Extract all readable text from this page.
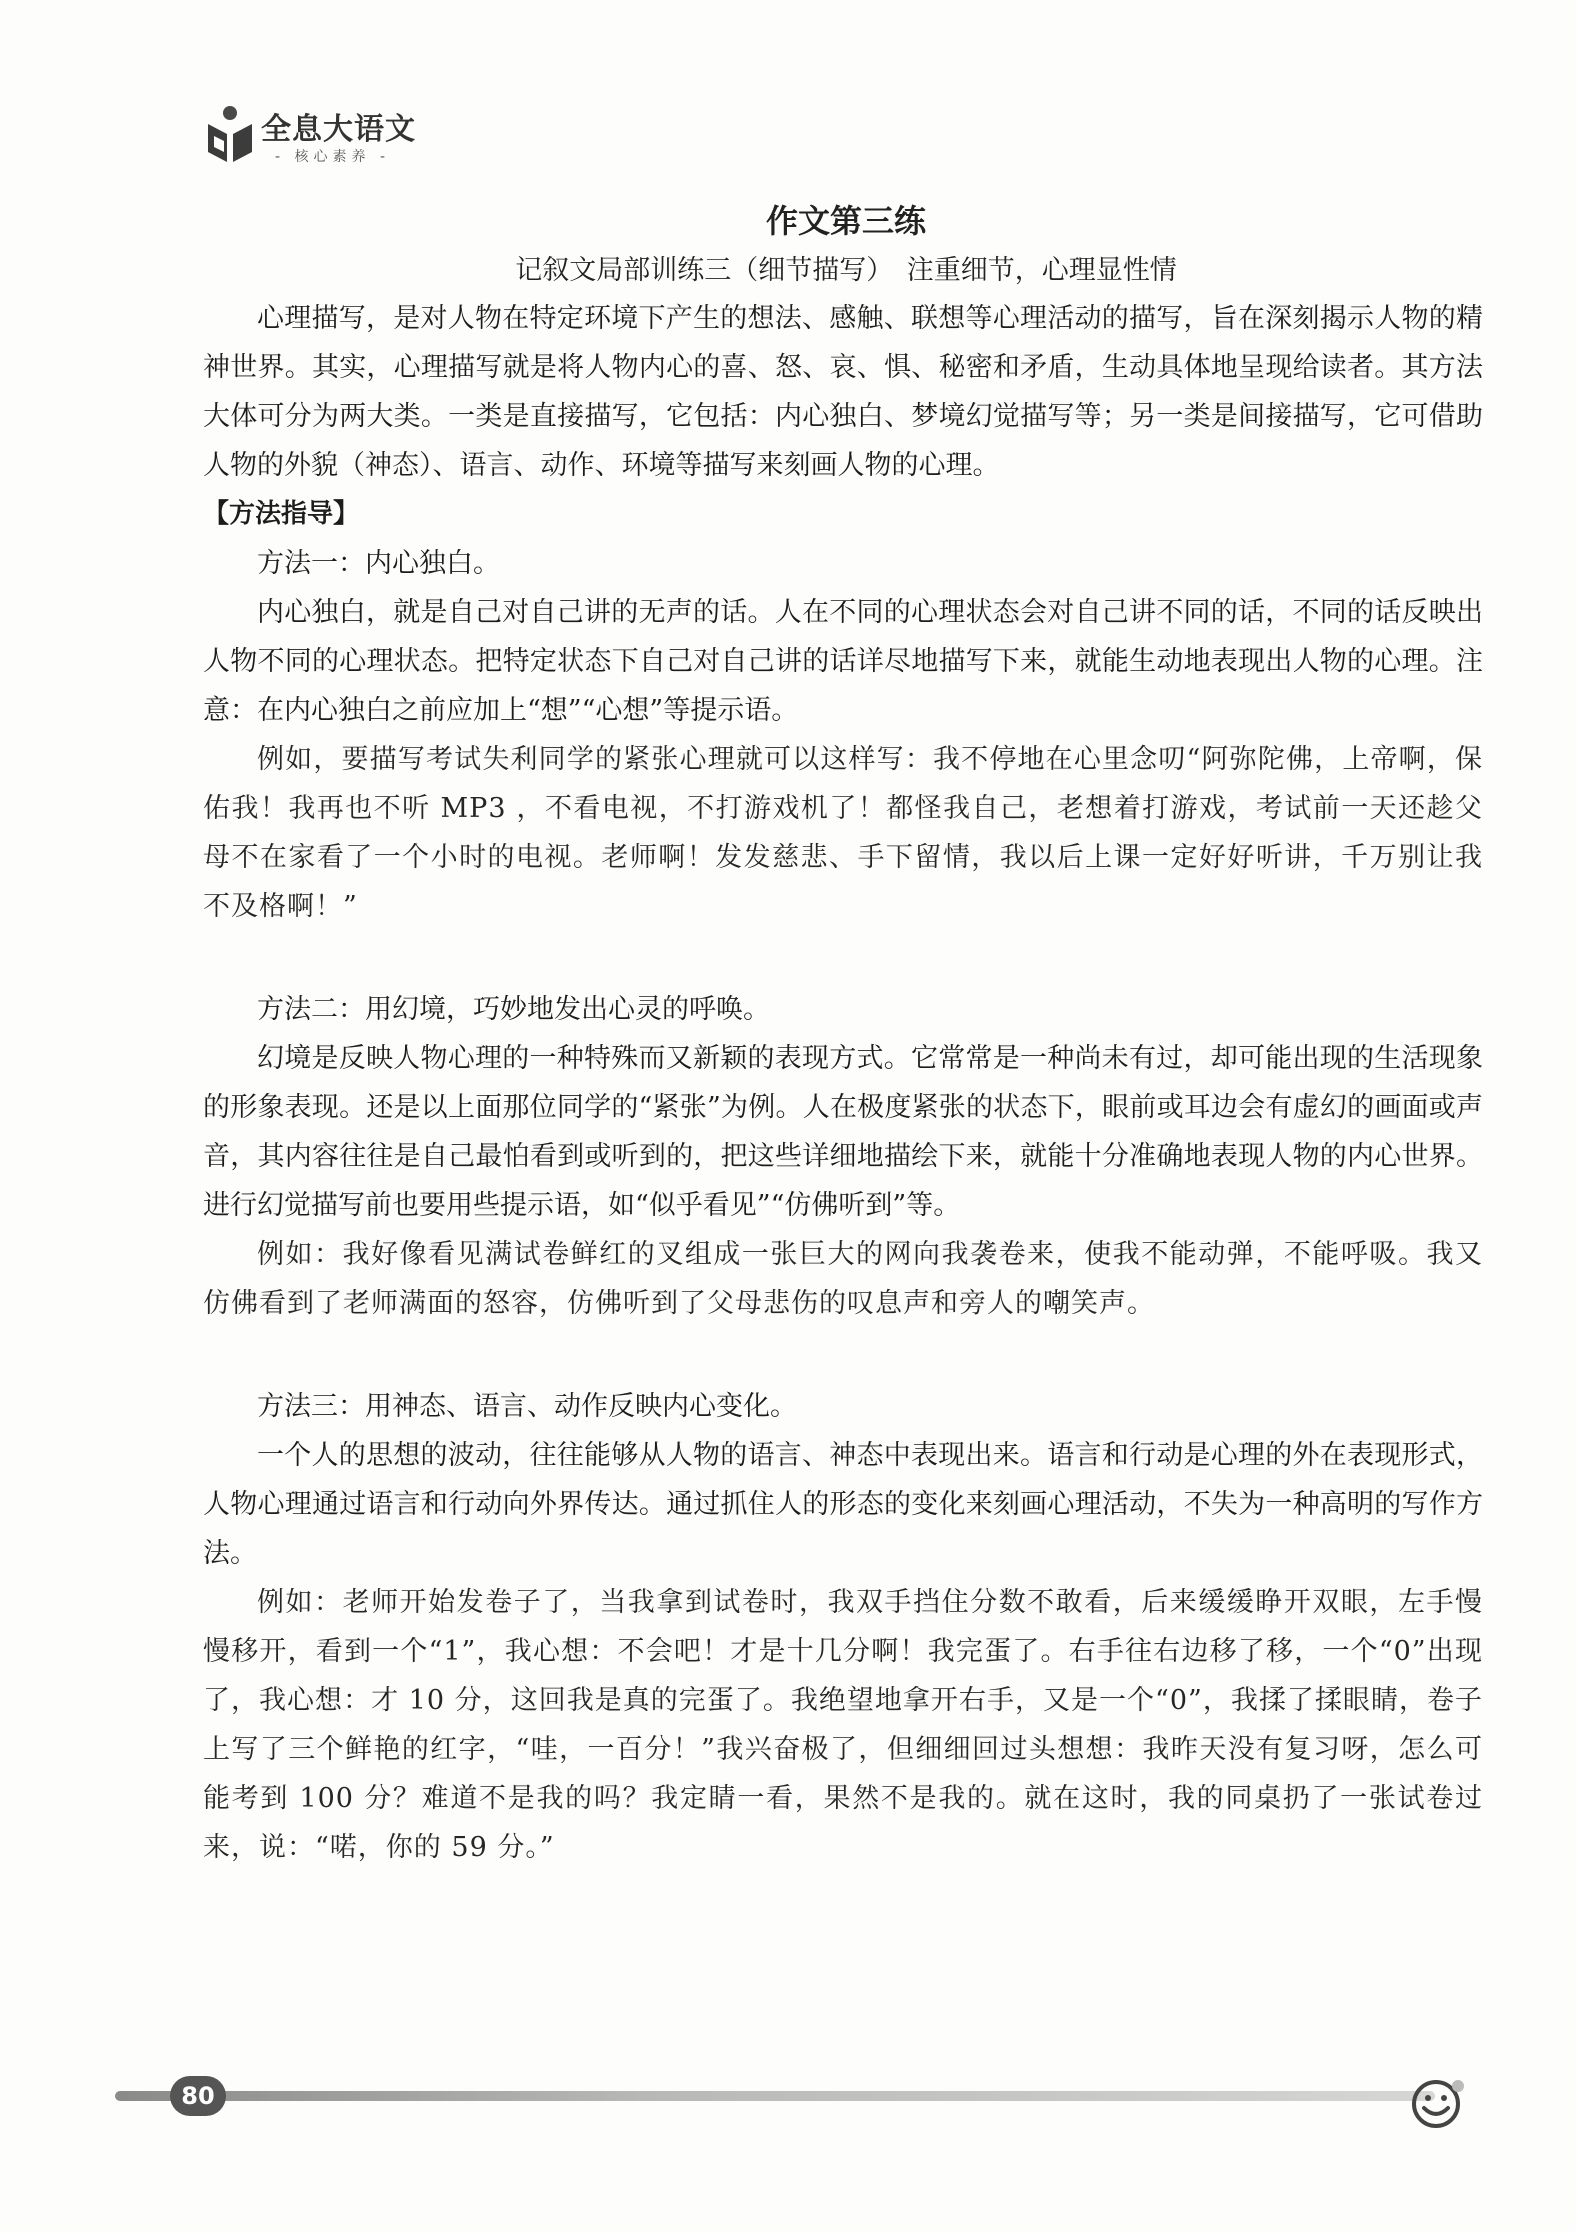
全息大语文
- 核心素养 -
作文第三练

记叙文局部训练三（细节描写）　注重细节，心理显性情

心理描写，是对人物在特定环境下产生的想法、感触、联想等心理活动的描写，旨在深刻揭示人物的精神世界。其实，心理描写就是将人物内心的喜、怒、哀、惧、秘密和矛盾，生动具体地呈现给读者。其方法大体可分为两大类。一类是直接描写，它包括：内心独白、梦境幻觉描写等；另一类是间接描写，它可借助人物的外貌（神态）、语言、动作、环境等描写来刻画人物的心理。

【方法指导】

方法一：内心独白。

内心独白，就是自己对自己讲的无声的话。人在不同的心理状态会对自己讲不同的话，不同的话反映出人物不同的心理状态。把特定状态下自己对自己讲的话详尽地描写下来，就能生动地表现出人物的心理。注意：在内心独白之前应加上“想”“心想”等提示语。

例如，要描写考试失利同学的紧张心理就可以这样写：我不停地在心里念叨“阿弥陀佛，上帝啊，保佑我！我再也不听 MP3 ，不看电视，不打游戏机了！都怪我自己，老想着打游戏，考试前一天还趁父母不在家看了一个小时的电视。老师啊！发发慈悲、手下留情，我以后上课一定好好听讲，千万别让我不及格啊！”

方法二：用幻境，巧妙地发出心灵的呼唤。

幻境是反映人物心理的一种特殊而又新颖的表现方式。它常常是一种尚未有过，却可能出现的生活现象的形象表现。还是以上面那位同学的“紧张”为例。人在极度紧张的状态下，眼前或耳边会有虚幻的画面或声音，其内容往往是自己最怕看到或听到的，把这些详细地描绘下来，就能十分准确地表现人物的内心世界。进行幻觉描写前也要用些提示语，如“似乎看见”“仿佛听到”等。

例如：我好像看见满试卷鲜红的叉组成一张巨大的网向我袭卷来，使我不能动弹，不能呼吸。我又仿佛看到了老师满面的怒容，仿佛听到了父母悲伤的叹息声和旁人的嘲笑声。

方法三：用神态、语言、动作反映内心变化。

一个人的思想的波动，往往能够从人物的语言、神态中表现出来。语言和行动是心理的外在表现形式，人物心理通过语言和行动向外界传达。通过抓住人的形态的变化来刻画心理活动，不失为一种高明的写作方法。

例如：老师开始发卷子了，当我拿到试卷时，我双手挡住分数不敢看，后来缓缓睁开双眼，左手慢慢移开，看到一个“1”，我心想：不会吧！才是十几分啊！我完蛋了。右手往右边移了移，一个“0”出现了，我心想：才 10 分，这回我是真的完蛋了。我绝望地拿开右手，又是一个“0”，我揉了揉眼睛，卷子上写了三个鲜艳的红字，“哇，一百分！”我兴奋极了，但细细回过头想想：我昨天没有复习呀，怎么可能考到 100 分？难道不是我的吗？我定睛一看，果然不是我的。就在这时，我的同桌扔了一张试卷过来，说：“喏，你的 59 分。”

80
